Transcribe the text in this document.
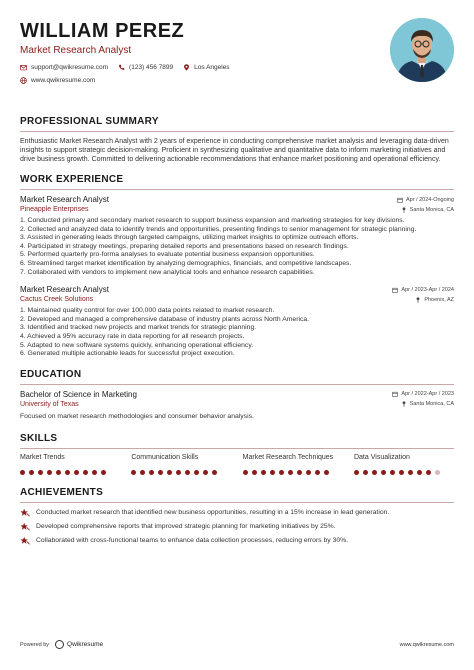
WILLIAM PEREZ
Market Research Analyst
support@qwikresume.com	(123) 456 7899	Los Angeles
www.qwikresume.com
PROFESSIONAL SUMMARY
Enthusiastic Market Research Analyst with 2 years of experience in conducting comprehensive market analysis and leveraging data-driven insights to support strategic decision-making. Proficient in synthesizing qualitative and quantitative data to inform marketing initiatives and drive business growth. Committed to delivering actionable recommendations that enhance market positioning and operational efficiency.
WORK EXPERIENCE
Market Research Analyst	Apr / 2024-Ongoing
Pineapple Enterprises	Santa Monica, CA
1. Conducted primary and secondary market research to support business expansion and marketing strategies for key divisions.
2. Collected and analyzed data to identify trends and opportunities, presenting findings to senior management for strategic planning.
3. Assisted in generating leads through targeted campaigns, utilizing market insights to optimize outreach efforts.
4. Participated in strategy meetings, preparing detailed reports and presentations based on research findings.
5. Performed quarterly pro-forma analyses to evaluate potential business expansion opportunities.
6. Streamlined target market identification by analyzing demographics, financials, and competitive landscapes.
7. Collaborated with vendors to implement new analytical tools and enhance research capabilities.
Market Research Analyst	Apr / 2023-Apr / 2024
Cactus Creek Solutions	Phoenix, AZ
1. Maintained quality control for over 100,000 data points related to market research.
2. Developed and managed a comprehensive database of industry plants across North America.
3. Identified and tracked new projects and market trends for strategic planning.
4. Achieved a 95% accuracy rate in data reporting for all research projects.
5. Adapted to new software systems quickly, enhancing operational efficiency.
6. Generated multiple actionable leads for successful project execution.
EDUCATION
Bachelor of Science in Marketing	Apr / 2022-Apr / 2023
University of Texas	Santa Monica, CA
Focused on market research methodologies and consumer behavior analysis.
SKILLS
Market Trends	Communication Skills	Market Research Techniques	Data Visualization
ACHIEVEMENTS
Conducted market research that identified new business opportunities, resulting in a 15% increase in lead generation.
Developed comprehensive reports that improved strategic planning for marketing initiatives by 25%.
Collaborated with cross-functional teams to enhance data collection processes, reducing errors by 30%.
Powered by	Qwikresume	www.qwikresume.com
